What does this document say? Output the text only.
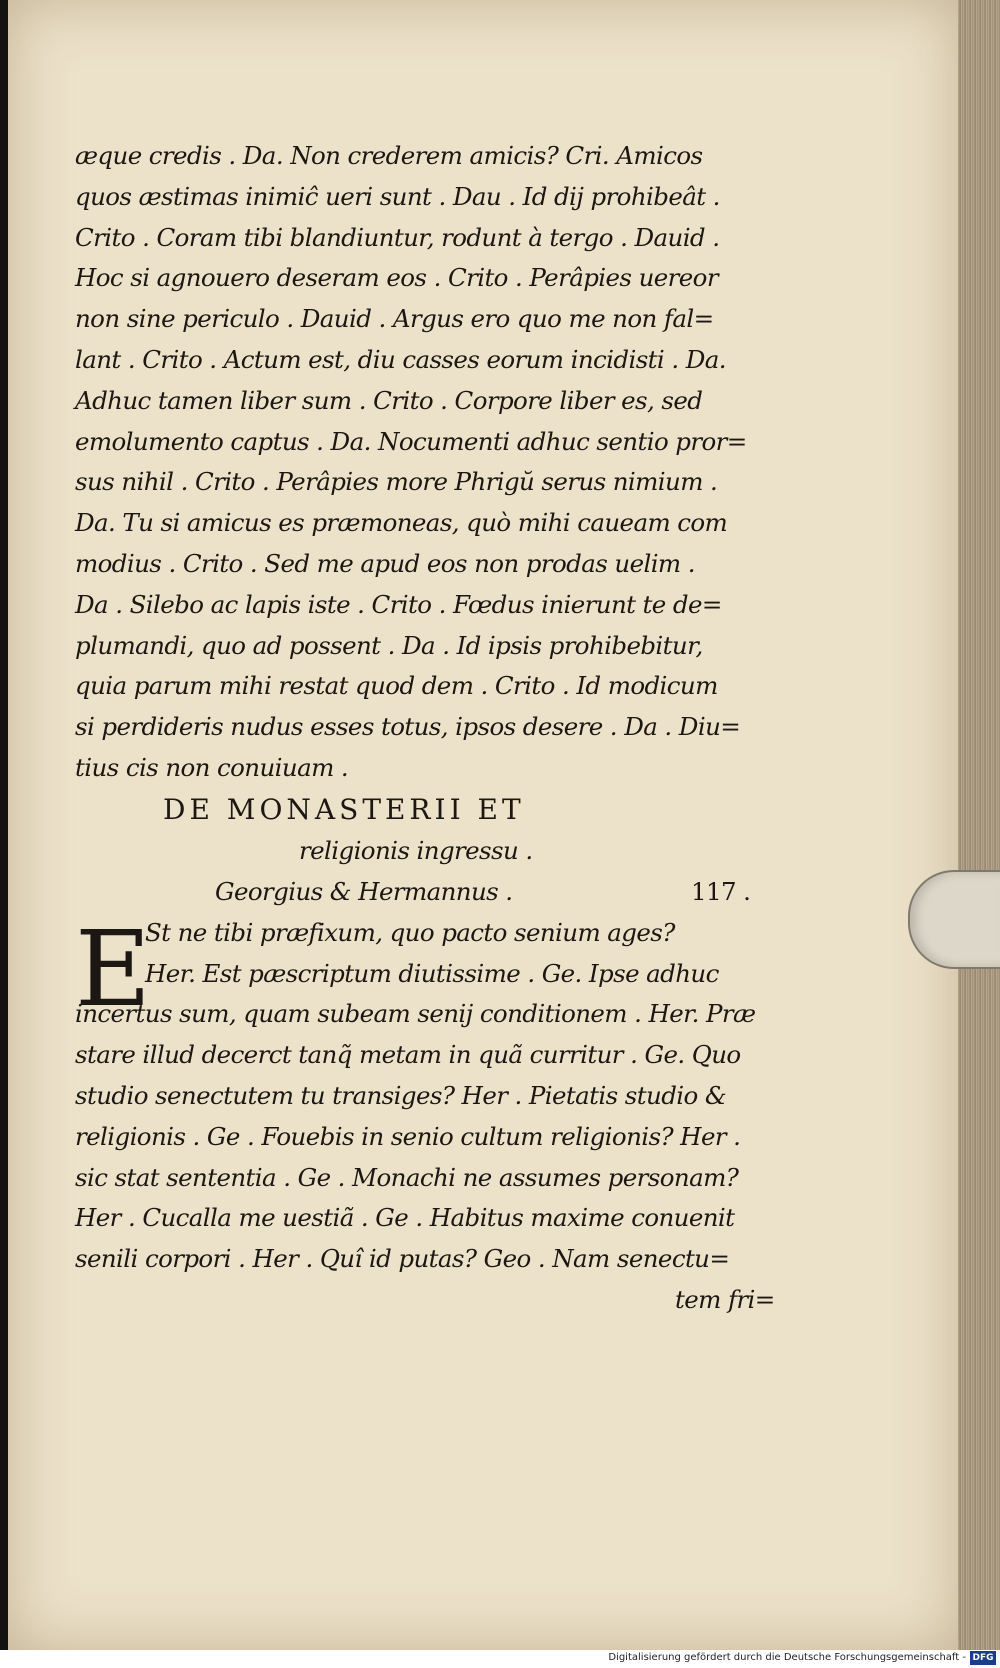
æque credis . Da. Non crederem amicis? Cri. Amicos
quos æstimas inimiĉ ueri sunt . Dau . Id dij prohibeât .
Crito . Coram tibi blandiuntur, rodunt à tergo . Dauid .
Hoc si agnouero deseram eos . Crito . Perâpies uereor
non sine periculo . Dauid . Argus ero quo me non fal=
lant . Crito . Actum est, diu casses eorum incidisti . Da.
Adhuc tamen liber sum . Crito . Corpore liber es, sed
emolumento captus . Da. Nocumenti adhuc sentio pror=
sus nihil . Crito . Perâpies more Phrigŭ serus nimium .
Da. Tu si amicus es præmoneas, quò mihi caueam com
modius . Crito . Sed me apud eos non prodas uelim .
Da . Silebo ac lapis iste . Crito . Fœdus inierunt te de=
plumandi, quo ad possent . Da . Id ipsis prohibebitur,
quia parum mihi restat quod dem . Crito . Id modicum
si perdideris nudus esses totus, ipsos desere . Da . Diu=
tius cis non conuiuam .
DE MONASTERII ET
religionis ingressu .
Georgius & Hermannus .	117 .
E
St ne tibi præfixum, quo pacto senium ages?
Her. Est pæscriptum diutissime . Ge. Ipse adhuc
incertus sum, quam subeam senij conditionem . Her. Præ
stare illud decerct tanq̃ metam in quã curritur . Ge. Quo
studio senectutem tu transiges? Her . Pietatis studio &
religionis . Ge . Fouebis in senio cultum religionis? Her .
sic stat sententia . Ge . Monachi ne assumes personam?
Her . Cucalla me uestiã . Ge . Habitus maxime conuenit
senili corpori . Her . Quî id putas? Geo . Nam senectu=
tem fri=
Digitalisierung gefördert durch die Deutsche Forschungsgemeinschaft - DFG
